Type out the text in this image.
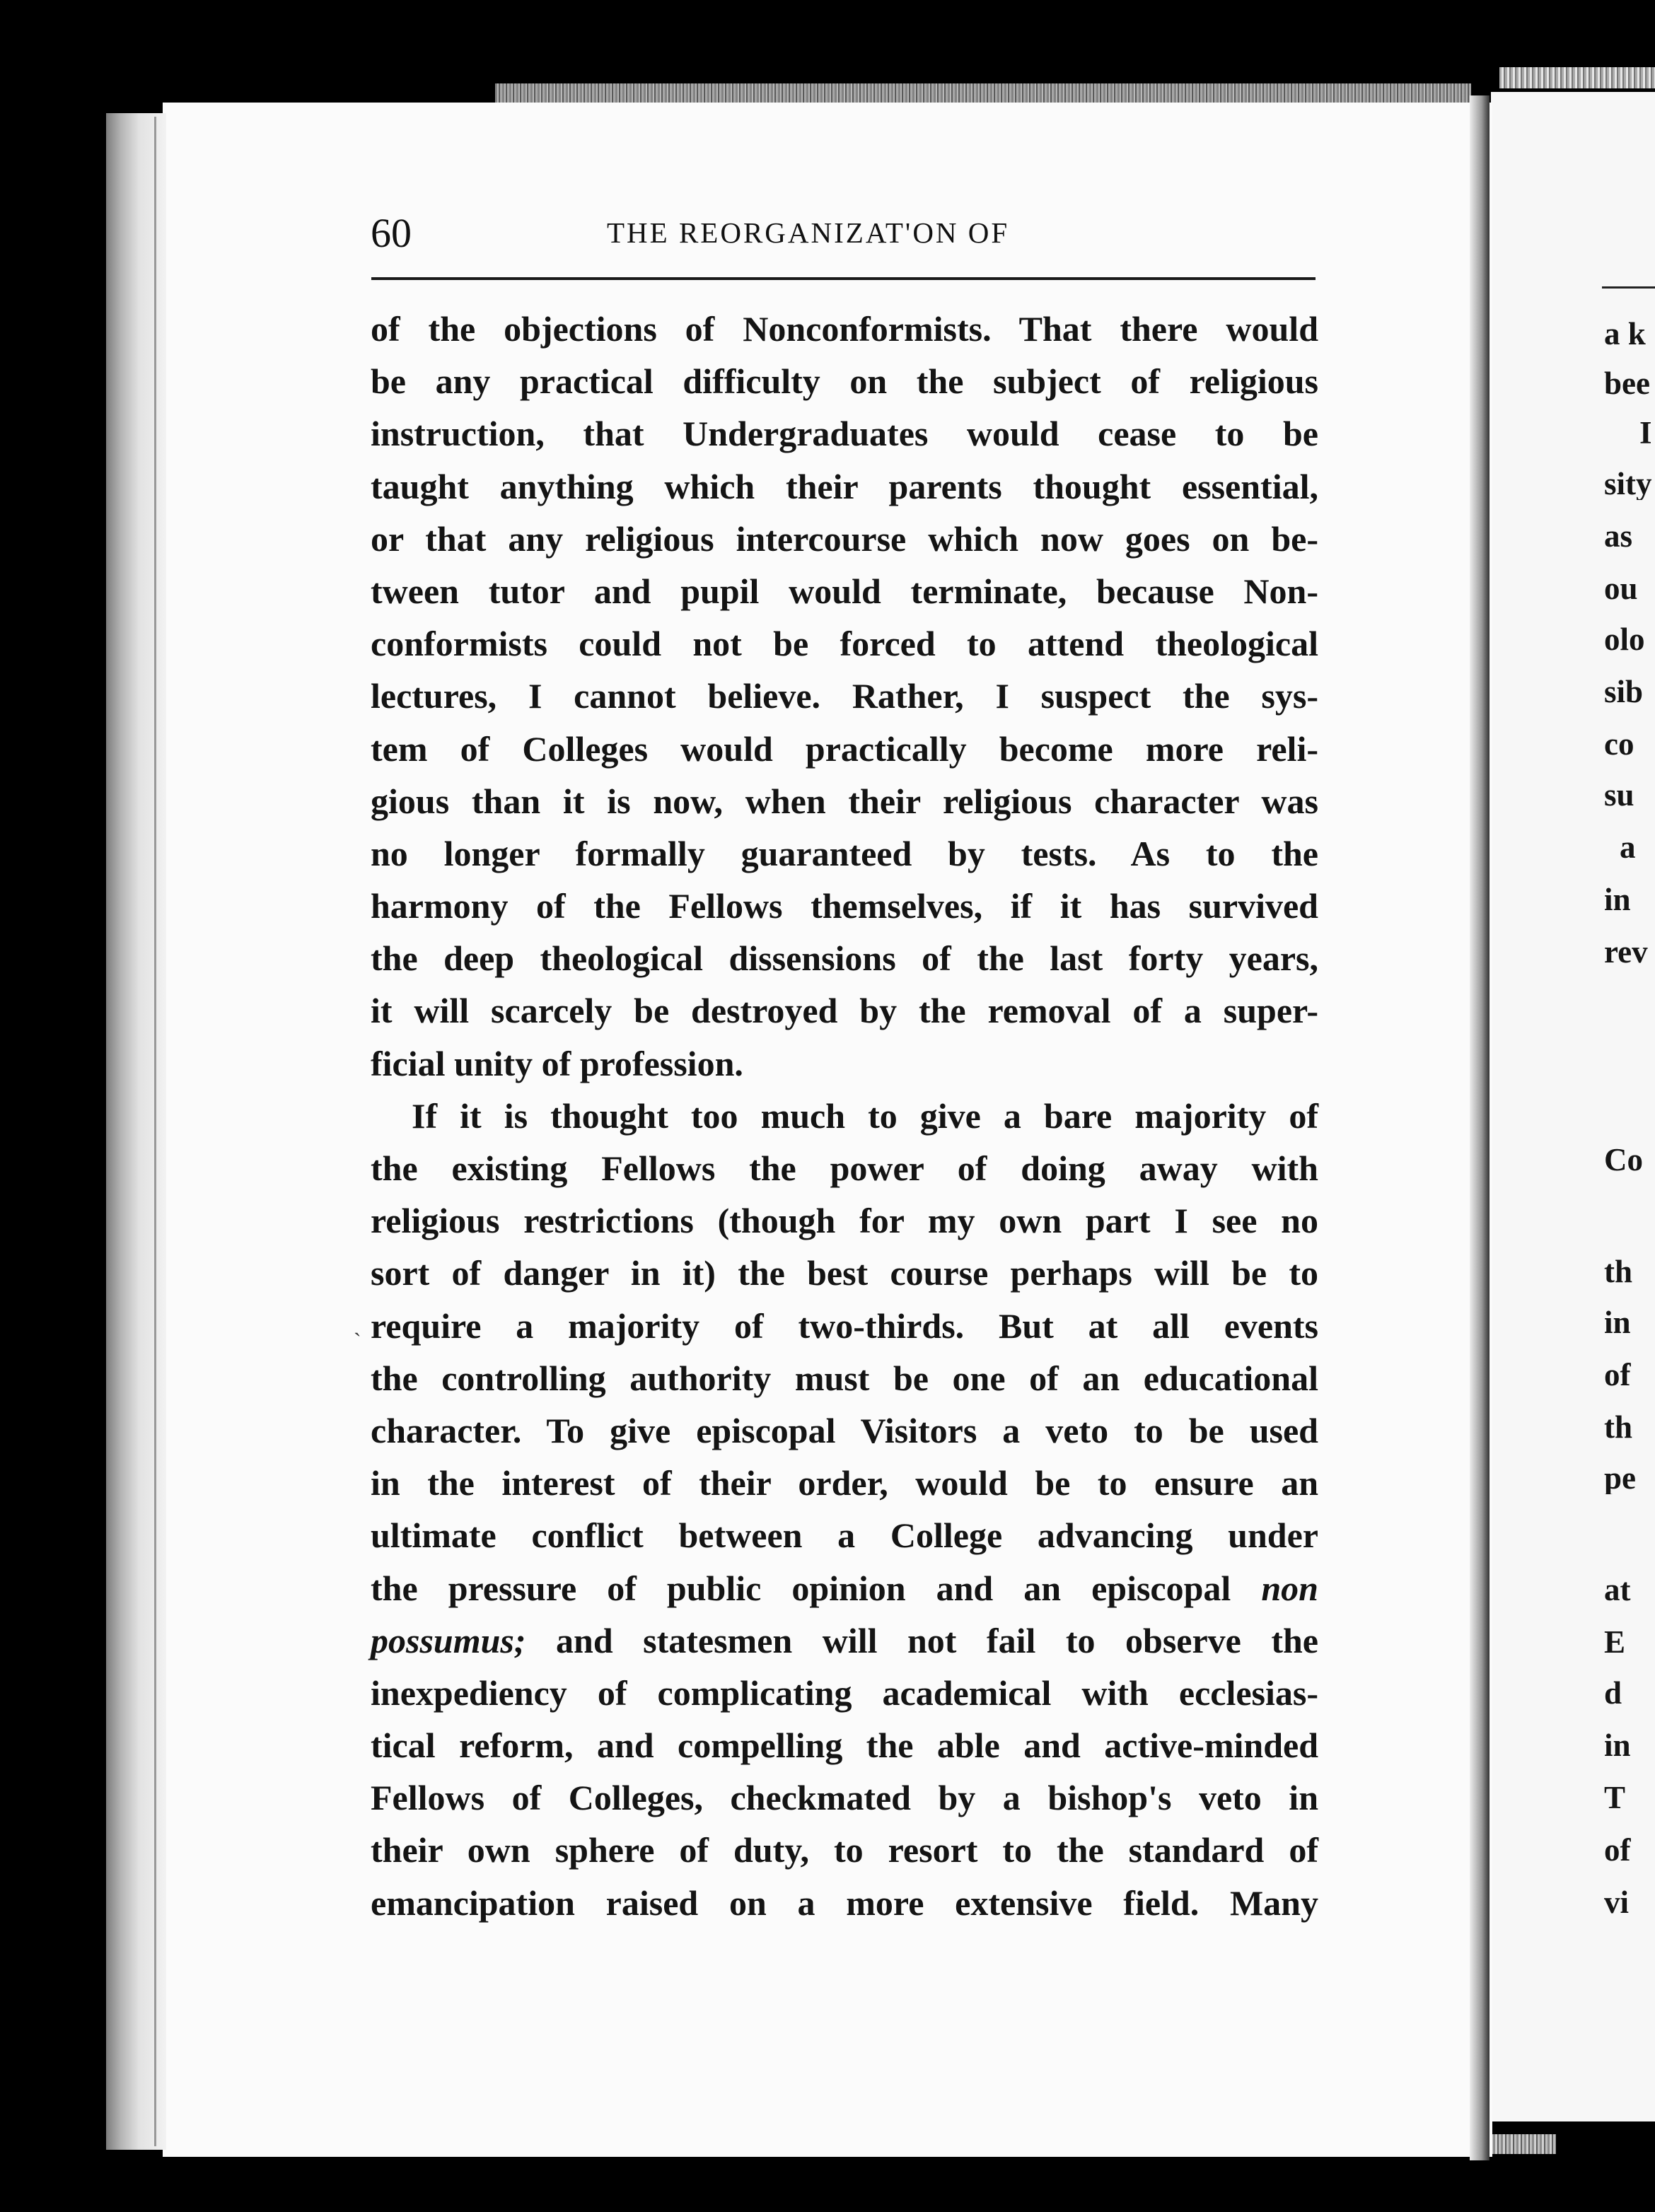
a k
bee
I
sity
as
ou
olo
sib
co
su
a
in
rev
Co
th
in
of
th
pe
at
E
d
in
T
of
vi
60	THE REORGANIZAT'ON OF
ˋ
of the objections of Nonconformists. That there would
be any practical difficulty on the subject of religious
instruction, that Undergraduates would cease to be
taught anything which their parents thought essential,
or that any religious intercourse which now goes on be-
tween tutor and pupil would terminate, because Non-
conformists could not be forced to attend theological
lectures, I cannot believe. Rather, I suspect the sys-
tem of Colleges would practically become more reli-
gious than it is now, when their religious character was
no longer formally guaranteed by tests. As to the
harmony of the Fellows themselves, if it has survived
the deep theological dissensions of the last forty years,
it will scarcely be destroyed by the removal of a super-
ficial unity of profession.
If it is thought too much to give a bare majority of
the existing Fellows the power of doing away with
religious restrictions (though for my own part I see no
sort of danger in it) the best course perhaps will be to
require a majority of two-thirds. But at all events
the controlling authority must be one of an educational
character. To give episcopal Visitors a veto to be used
in the interest of their order, would be to ensure an
ultimate conflict between a College advancing under
the pressure of public opinion and an episcopal non
possumus; and statesmen will not fail to observe the
inexpediency of complicating academical with ecclesias-
tical reform, and compelling the able and active-minded
Fellows of Colleges, checkmated by a bishop's veto in
their own sphere of duty, to resort to the standard of
emancipation raised on a more extensive field. Many
